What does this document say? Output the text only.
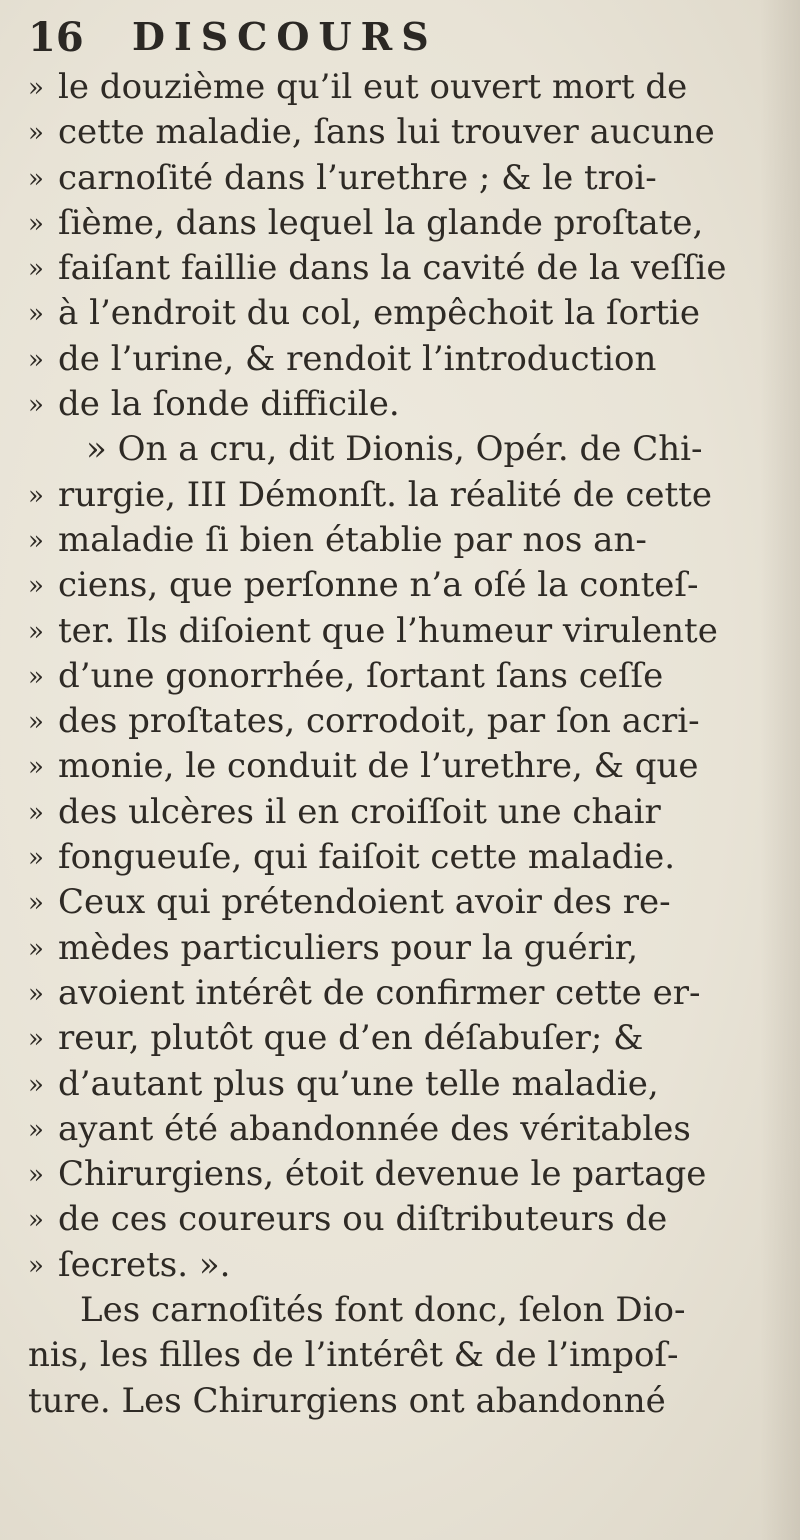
16 DISCOURS
» le douzième qu’il eut ouvert mort de
» cette maladie, ſans lui trouver aucune
» carnoſité dans l’urethre ; & le troi-
» ſième, dans lequel la glande proſtate,
» faiſant faillie dans la cavité de la veſſie
» à l’endroit du col, empêchoit la ſortie
» de l’urine, & rendoit l’introduction
» de la ſonde difficile.
» On a cru, dit Dionis, Opér. de Chi-
» rurgie, III Démonſt. la réalité de cette
» maladie ſi bien établie par nos an-
» ciens, que perſonne n’a oſé la conteſ-
» ter. Ils diſoient que l’humeur virulente
» d’une gonorrhée, ſortant ſans ceſſe
» des proſtates, corrodoit, par ſon acri-
» monie, le conduit de l’urethre, & que
» des ulcères il en croiſſoit une chair
» fongueuſe, qui faiſoit cette maladie.
» Ceux qui prétendoient avoir des re-
» mèdes particuliers pour la guérir,
» avoient intérêt de confirmer cette er-
» reur, plutôt que d’en déſabuſer; &
» d’autant plus qu’une telle maladie,
» ayant été abandonnée des véritables
» Chirurgiens, étoit devenue le partage
» de ces coureurs ou diſtributeurs de
» ſecrets. ».
Les carnoſités font donc, ſelon Dio-
nis, les filles de l’intérêt & de l’impoſ-
ture. Les Chirurgiens ont abandonné
